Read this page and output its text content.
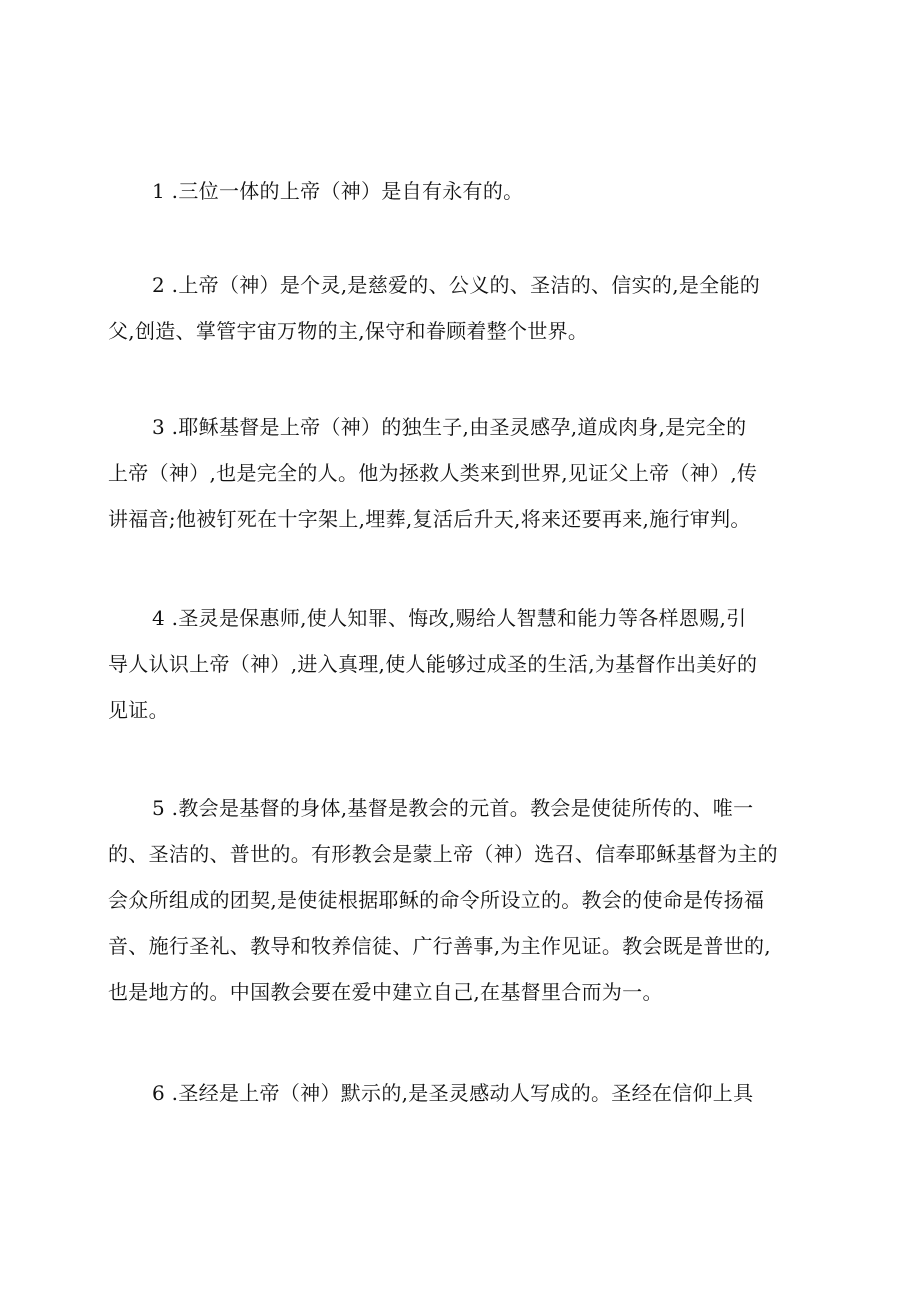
1 .三位一体的上帝（神）是自有永有的。
2 .上帝（神）是个灵,是慈爱的、公义的、圣洁的、信实的,是全能的
父,创造、掌管宇宙万物的主,保守和眷顾着整个世界。
3 .耶稣基督是上帝（神）的独生子,由圣灵感孕,道成肉身,是完全的
上帝（神）,也是完全的人。他为拯救人类来到世界,见证父上帝（神）,传
讲福音;他被钉死在十字架上,埋葬,复活后升天,将来还要再来,施行审判。
4 .圣灵是保惠师,使人知罪、悔改,赐给人智慧和能力等各样恩赐,引
导人认识上帝（神）,进入真理,使人能够过成圣的生活,为基督作出美好的
见证。
5 .教会是基督的身体,基督是教会的元首。教会是使徒所传的、唯一
的、圣洁的、普世的。有形教会是蒙上帝（神）选召、信奉耶稣基督为主的
会众所组成的团契,是使徒根据耶稣的命令所设立的。教会的使命是传扬福
音、施行圣礼、教导和牧养信徒、广行善事,为主作见证。教会既是普世的,
也是地方的。中国教会要在爱中建立自己,在基督里合而为一。
6 .圣经是上帝（神）默示的,是圣灵感动人写成的。圣经在信仰上具
